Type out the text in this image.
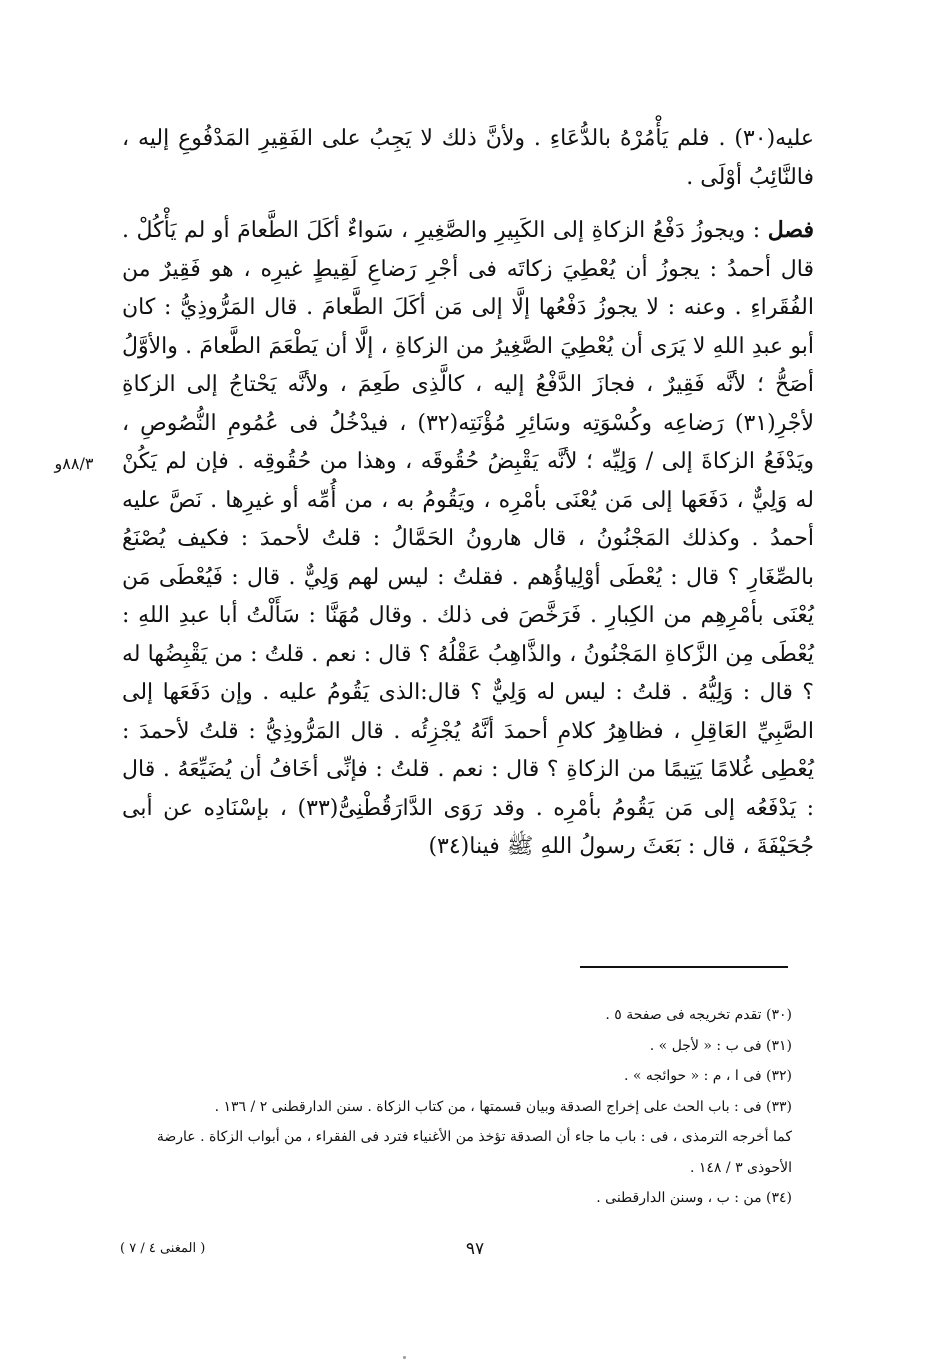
عليه(٣٠) . فلم يَأْمُرْهُ بالدُّعَاءِ . ولأنَّ ذلك لا يَجِبُ على الفَقِيرِ المَدْفُوعِ إليه ، فالنَّائِبُ أوْلَى .

فصل : ويجوزُ دَفْعُ الزكاةِ إلى الكَبِيرِ والصَّغِيرِ ، سَواءٌ أكَلَ الطَّعامَ أو لم يَأْكُلْ . قال أحمدُ : يجوزُ أن يُعْطِيَ زكاتَه فى أجْرِ رَضاعِ لَقِيطٍ غيرِه ، هو فَقِيرٌ من الفُقَراءِ . وعنه : لا يجوزُ دَفْعُها إلَّا إلى مَن أكَلَ الطَّعامَ . قال المَرُّوذِيُّ : كان أبو عبدِ اللهِ لا يَرَى أن يُعْطِيَ الصَّغِيرُ من الزكاةِ ، إلَّا أن يَطْعَمَ الطَّعامَ . والأوَّلُ أصَحُّ ؛ لأنَّه فَقِيرٌ ، فجازَ الدَّفْعُ إليه ، كالَّذِى طَعِمَ ، ولأنَّه يَحْتاجُ إلى الزكاةِ لأجْرِ(٣١) رَضاعِه وكُسْوَتِه وسَائِرِ مُؤْنَتِه(٣٢) ، فيدْخُلُ فى عُمُومِ النُّصُوصِ ، ويَدْفَعُ الزكاةَ إلى / وَلِيِّه ؛ لأنَّه يَقْبِضُ حُقُوقَه ، وهذا من حُقُوقِه . فإن لم يَكُنْ له وَلِيٌّ ، دَفَعَها إلى مَن يُعْنَى بأمْرِه ، ويَقُومُ به ، من أُمِّه أو غيرِها . نَصَّ عليه أحمدُ . وكذلك المَجْنُونُ ، قال هارونُ الحَمَّالُ : قلتُ لأحمدَ : فكيف يُصْنَعُ بالصِّغَارِ ؟ قال : يُعْطَى أوْلِياؤُهم . فقلتُ : ليس لهم وَلِيٌّ . قال : فَيُعْطَى مَن يُعْنَى بأمْرِهِم من الكِبارِ . فَرَخَّصَ فى ذلك . وقال مُهَنَّا : سَأَلْتُ أبا عبدِ اللهِ : يُعْطَى مِن الزَّكاةِ المَجْنُونُ ، والذَّاهِبُ عَقْلُهُ ؟ قال : نعم . قلتُ : من يَقْبِضُها له ؟ قال : وَلِيُّهُ . قلتُ : ليس له وَلِيٌّ ؟ قال:الذى يَقُومُ عليه . وإن دَفَعَها إلى الصَّبِيِّ العَاقِلِ ، فظاهِرُ كلامِ أحمدَ أنَّهُ يُجْزِئُه . قال المَرُّوذِيُّ : قلتُ لأحمدَ : يُعْطِى غُلامًا يَتِيمًا من الزكاةِ ؟ قال : نعم . قلتُ : فإنِّى أخَافُ أن يُضَيِّعَهُ . قال : يَدْفَعُه إلى مَن يَقُومُ بأمْرِه . وقد رَوَى الدَّارَقُطْنِىُّ(٣٣) ، بإسْنَادِه عن أبى جُحَيْفَةَ ، قال : بَعَثَ رسولُ اللهِ ﷺ فينا(٣٤)

٨٨/٣و

(٣٠) تقدم تخريجه فى صفحة ٥ .

(٣١) فى ب : « لأجل » .

(٣٢) فى ا ، م : « حوائجه » .

(٣٣) فى : باب الحث على إخراج الصدقة وبيان قسمتها ، من كتاب الزكاة . سنن الدارقطنى ٢ / ١٣٦ .

كما أخرجه الترمذى ، فى : باب ما جاء أن الصدقة تؤخذ من الأغنياء فترد فى الفقراء ، من أبواب الزكاة . عارضة الأحوذى ٣ / ١٤٨ .

(٣٤) من : ب ، وسنن الدارقطنى .

٩٧
( المغنى ٤ / ٧ )
